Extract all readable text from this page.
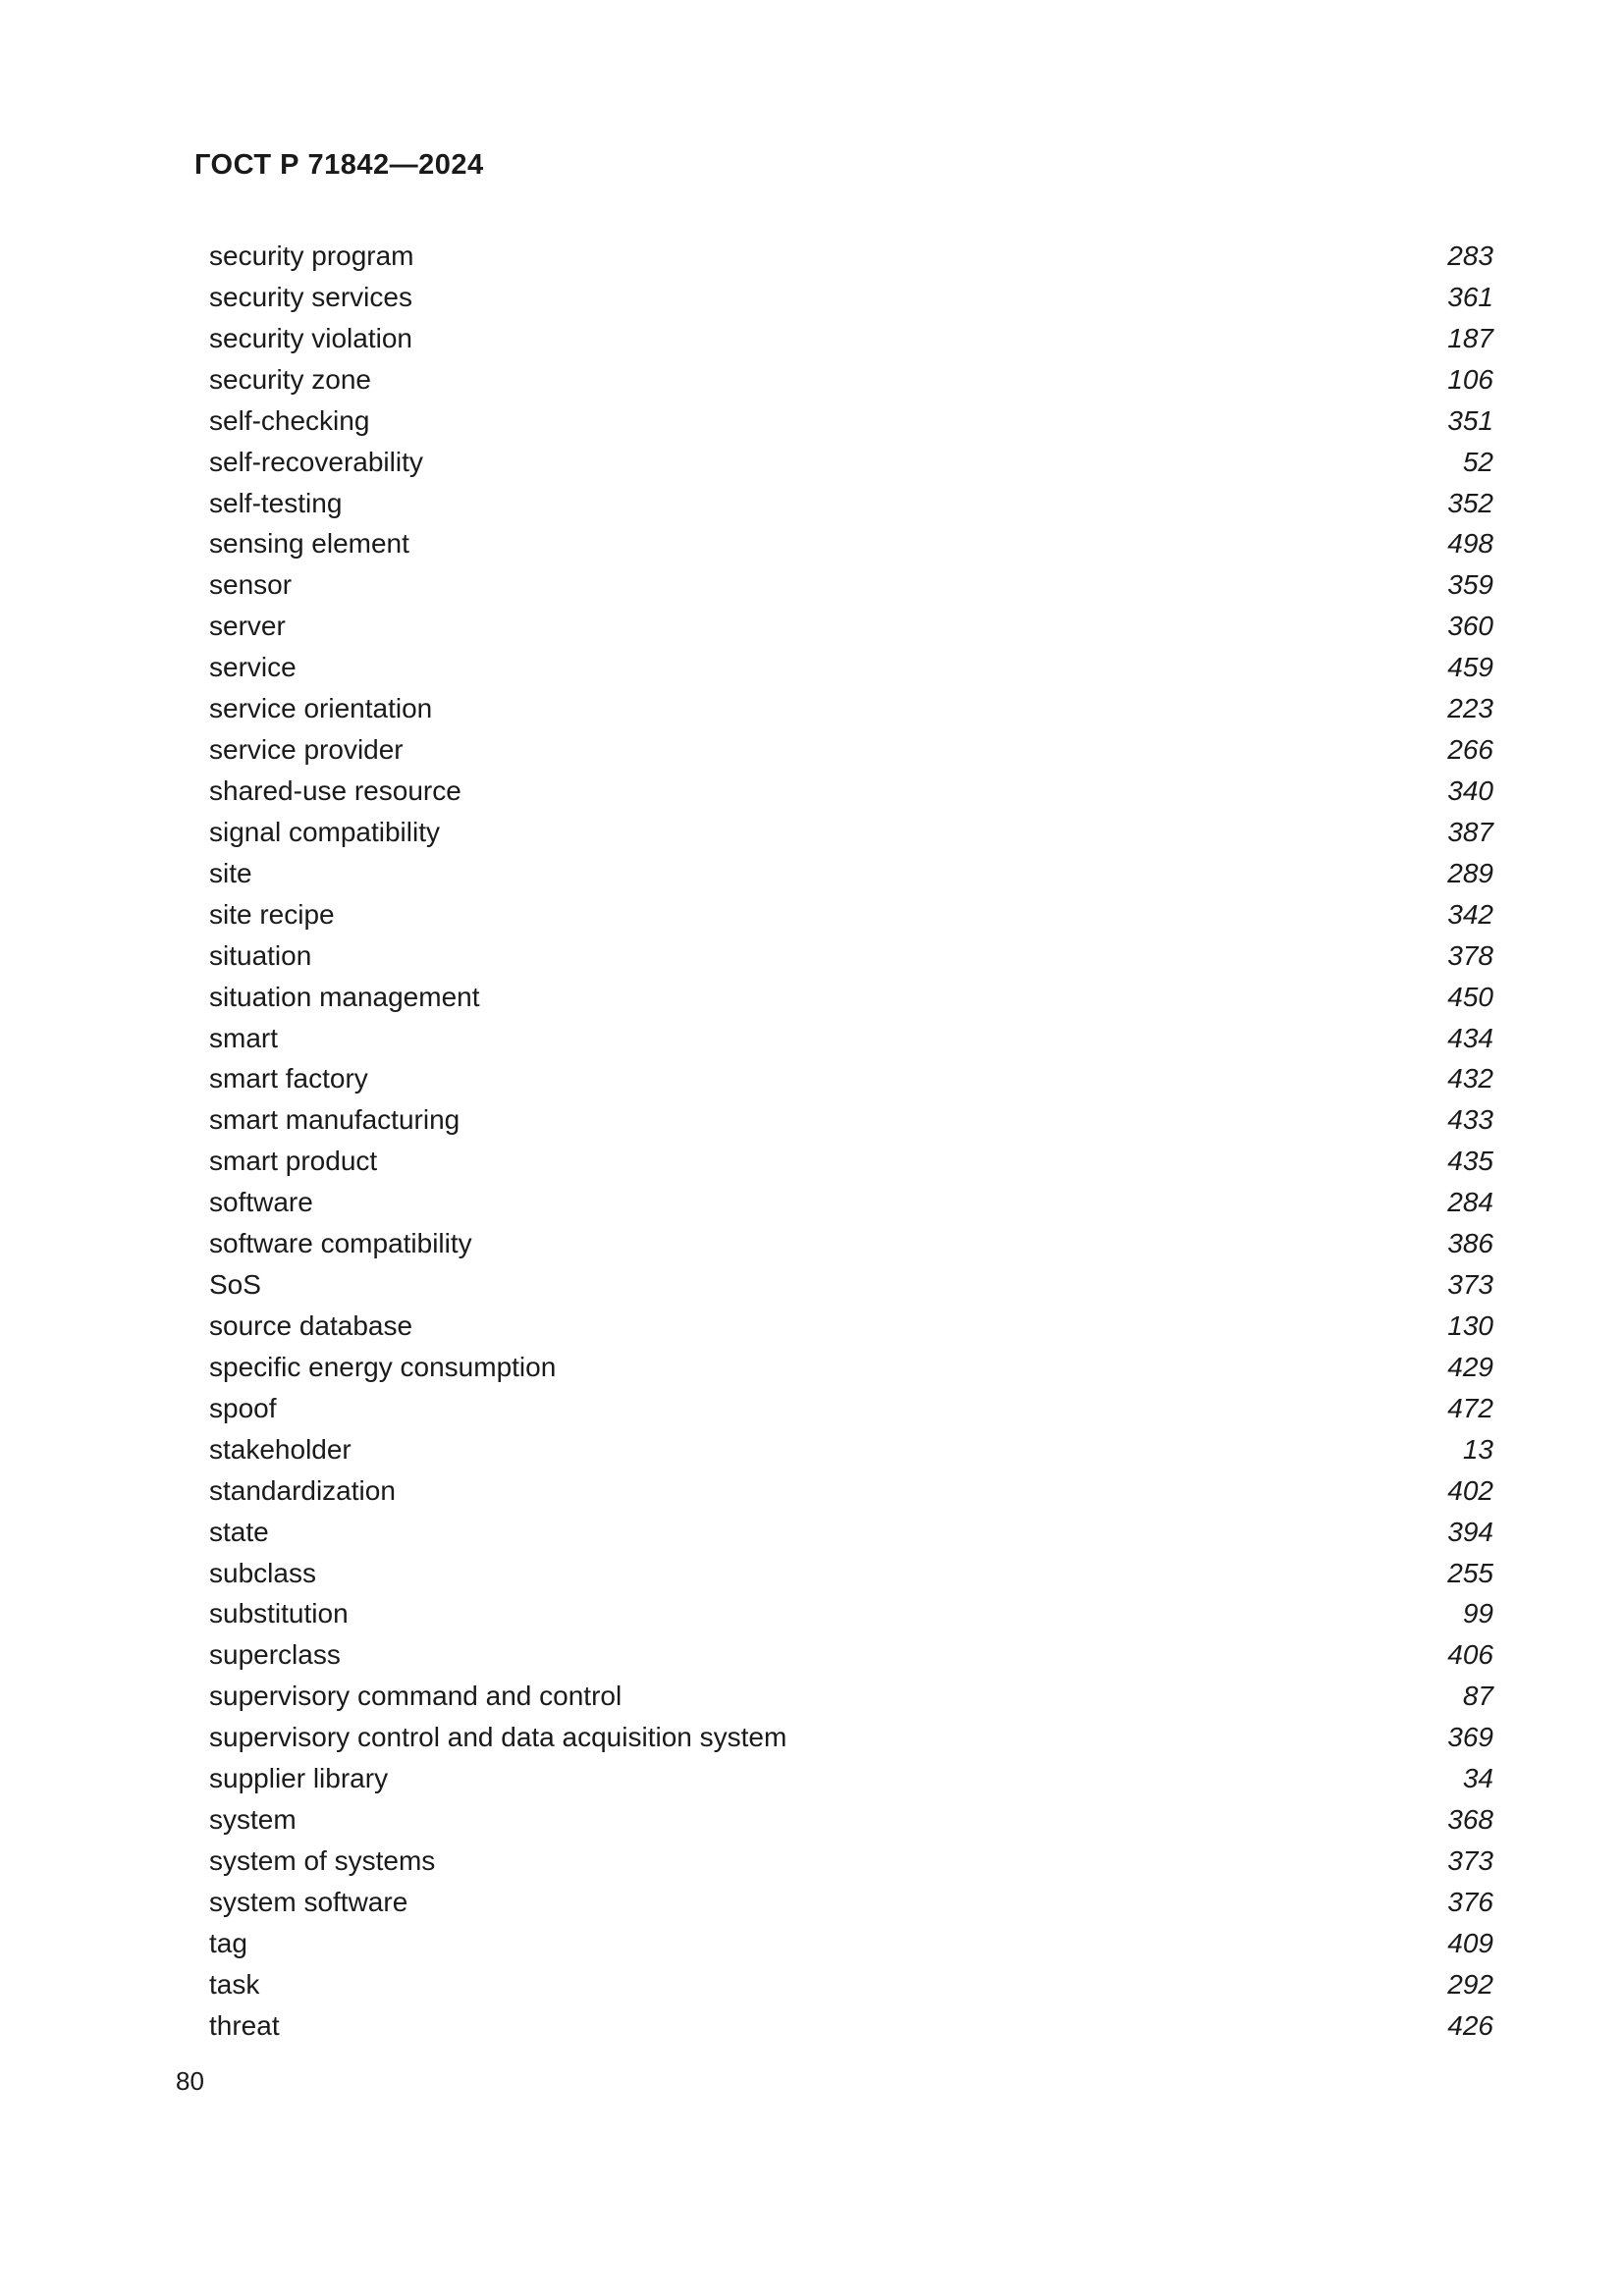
ГОСТ Р 71842—2024
security program	283
security services	361
security violation	187
security zone	106
self-checking	351
self-recoverability	52
self-testing	352
sensing element	498
sensor	359
server	360
service	459
service orientation	223
service provider	266
shared-use resource	340
signal compatibility	387
site	289
site recipe	342
situation	378
situation management	450
smart	434
smart factory	432
smart manufacturing	433
smart product	435
software	284
software compatibility	386
SoS	373
source database	130
specific energy consumption	429
spoof	472
stakeholder	13
standardization	402
state	394
subclass	255
substitution	99
superclass	406
supervisory command and control	87
supervisory control and data acquisition system	369
supplier library	34
system	368
system of systems	373
system software	376
tag	409
task	292
threat	426
80
